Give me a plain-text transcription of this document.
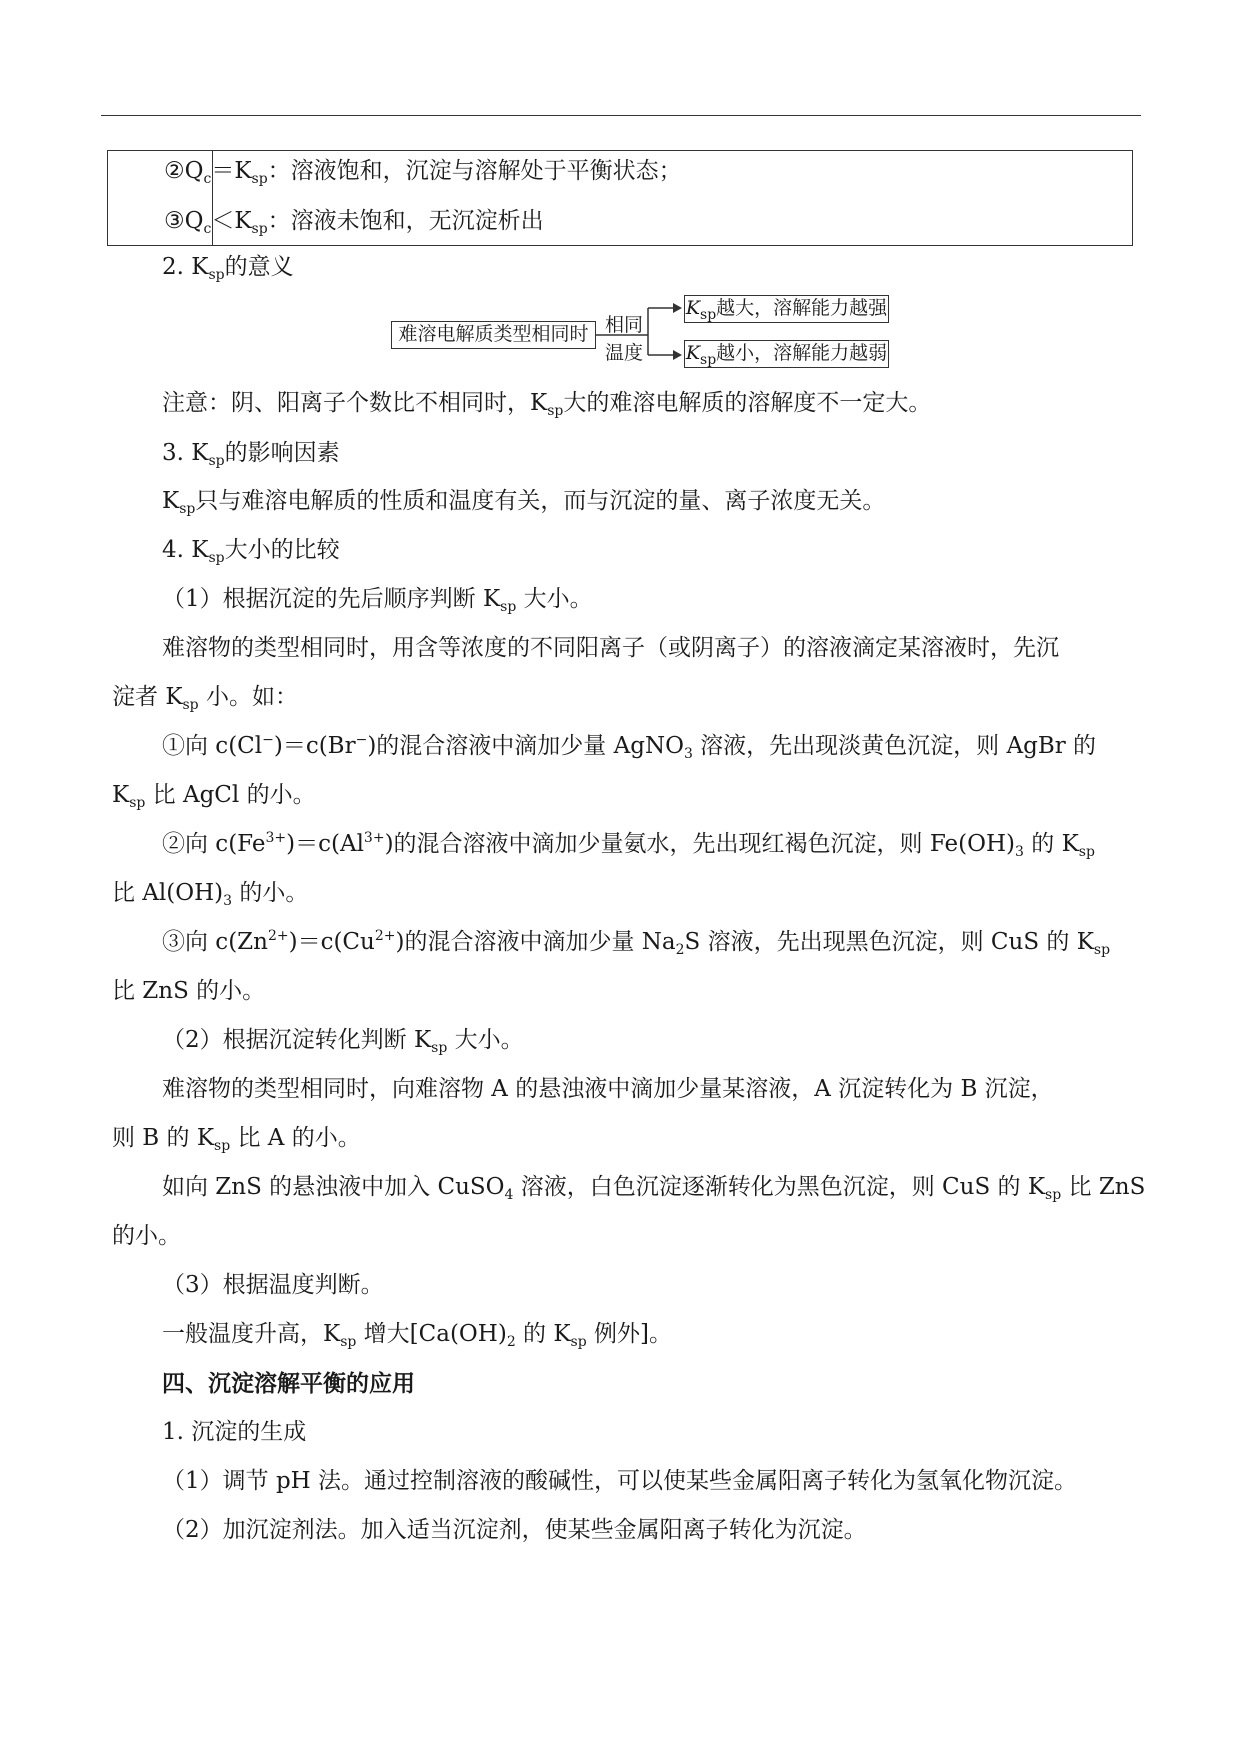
$②Q_c=K_{sp}$：溶液饱和，沉淀与溶解处于平衡状态；
$③Q_c<K_{sp}$：溶液未饱和，无沉淀析出
2. $K_{sp}$的意义
难溶电解质类型相同时 相同
温度
$K_{sp}$越大，溶解能力越强
$K_{sp}$越小，溶解能力越弱
注意：阴、阳离子个数比不相同时，$K_{sp}$大的难溶电解质的溶解度不一定大。
3. $K_{sp}$的影响因素
$K_{sp}$只与难溶电解质的性质和温度有关，而与沉淀的量、离子浓度无关。
4. $K_{sp}$大小的比较
（1）根据沉淀的先后顺序判断 $K_{sp}$ 大小。
难溶物的类型相同时，用含等浓度的不同阳离子（或阴离子）的溶液滴定某溶液时，先沉
淀者 $K_{sp}$ 小。如：
①向 c(Cl−)＝c(Br−)的混合溶液中滴加少量 AgNO$_3$ 溶液，先出现淡黄色沉淀，则 AgBr 的
$K_{sp}$ 比 AgCl 的小。
②向 $c(Fe^{3+})=c(Al^{3+})$的混合溶液中滴加少量氨水，先出现红褐色沉淀，则 $Fe(OH)_3$ 的 $K_{sp}$
比 $Al(OH)_3$ 的小。
③向 $c(Zn^{2+})=c(Cu^{2+})$的混合溶液中滴加少量 $Na_2S$ 溶液，先出现黑色沉淀，则 CuS 的 $K_{sp}$
比 ZnS 的小。
（2）根据沉淀转化判断 $K_{sp}$ 大小。
难溶物的类型相同时，向难溶物 A 的悬浊液中滴加少量某溶液，A 沉淀转化为 B 沉淀，
则 B 的 $K_{sp}$ 比 A 的小。
如向 ZnS 的悬浊液中加入 CuSO$_4$ 溶液，白色沉淀逐渐转化为黑色沉淀，则 CuS 的 $K_{sp}$ 比 ZnS
的小。
（3）根据温度判断。
一般温度升高，$K_{sp}$ 增大[$Ca(OH)_2$ 的 $K_{sp}$ 例外]。
四、沉淀溶解平衡的应用
1. 沉淀的生成
（1）调节 pH 法。通过控制溶液的酸碱性，可以使某些金属阳离子转化为氢氧化物沉淀。
（2）加沉淀剂法。加入适当沉淀剂，使某些金属阳离子转化为沉淀。
